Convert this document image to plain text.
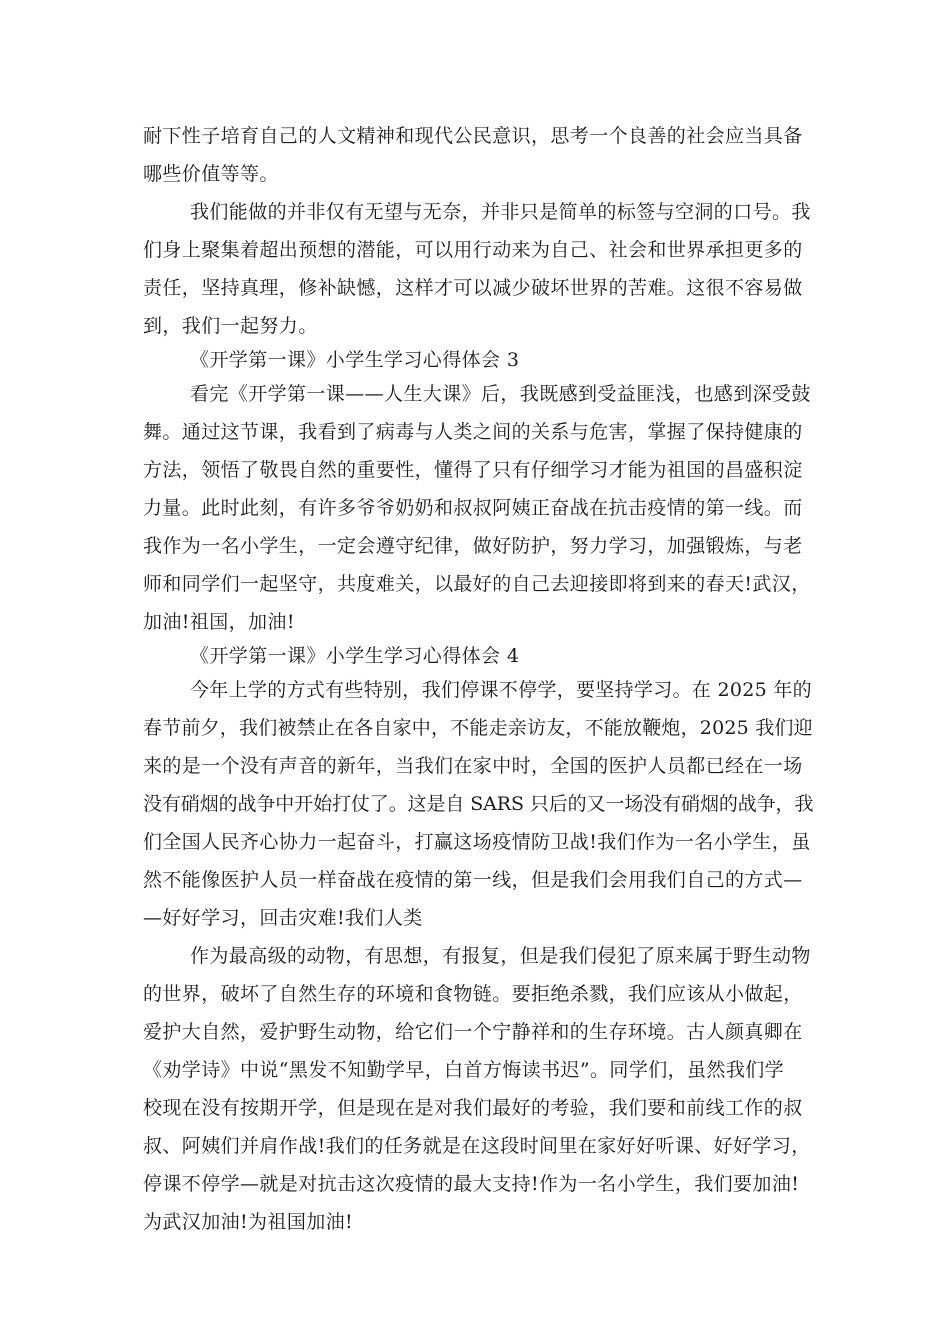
耐下性子培育自己的人文精神和现代公民意识，思考一个良善的社会应当具备
哪些价值等等。
我们能做的并非仅有无望与无奈，并非只是简单的标签与空洞的口号。我
们身上聚集着超出预想的潜能，可以用行动来为自己、社会和世界承担更多的
责任，坚持真理，修补缺憾，这样才可以减少破坏世界的苦难。这很不容易做
到，我们一起努力。
《开学第一课》小学生学习心得体会 3
看完《开学第一课——人生大课》后，我既感到受益匪浅，也感到深受鼓
舞。通过这节课，我看到了病毒与人类之间的关系与危害，掌握了保持健康的
方法，领悟了敬畏自然的重要性，懂得了只有仔细学习才能为祖国的昌盛积淀
力量。此时此刻，有许多爷爷奶奶和叔叔阿姨正奋战在抗击疫情的第一线。而
我作为一名小学生，一定会遵守纪律，做好防护，努力学习，加强锻炼，与老
师和同学们一起坚守，共度难关，以最好的自己去迎接即将到来的春天!武汉，
加油!祖国，加油!
《开学第一课》小学生学习心得体会 4
今年上学的方式有些特别，我们停课不停学，要坚持学习。在 2025 年的
春节前夕，我们被禁止在各自家中，不能走亲访友，不能放鞭炮，2025 我们迎
来的是一个没有声音的新年，当我们在家中时，全国的医护人员都已经在一场
没有硝烟的战争中开始打仗了。这是自 SARS 只后的又一场没有硝烟的战争，我
们全国人民齐心协力一起奋斗，打赢这场疫情防卫战!我们作为一名小学生，虽
然不能像医护人员一样奋战在疫情的第一线，但是我们会用我们自己的方式—
—好好学习，回击灾难!我们人类
作为最高级的动物，有思想，有报复，但是我们侵犯了原来属于野生动物
的世界，破坏了自然生存的环境和食物链。要拒绝杀戮，我们应该从小做起，
爱护大自然，爱护野生动物，给它们一个宁静祥和的生存环境。古人颜真卿在
《劝学诗》中说“黑发不知勤学早，白首方悔读书迟”。同学们，虽然我们学
校现在没有按期开学，但是现在是对我们最好的考验，我们要和前线工作的叔
叔、阿姨们并肩作战!我们的任务就是在这段时间里在家好好听课、好好学习，
停课不停学—就是对抗击这次疫情的最大支持!作为一名小学生，我们要加油!
为武汉加油!为祖国加油!
